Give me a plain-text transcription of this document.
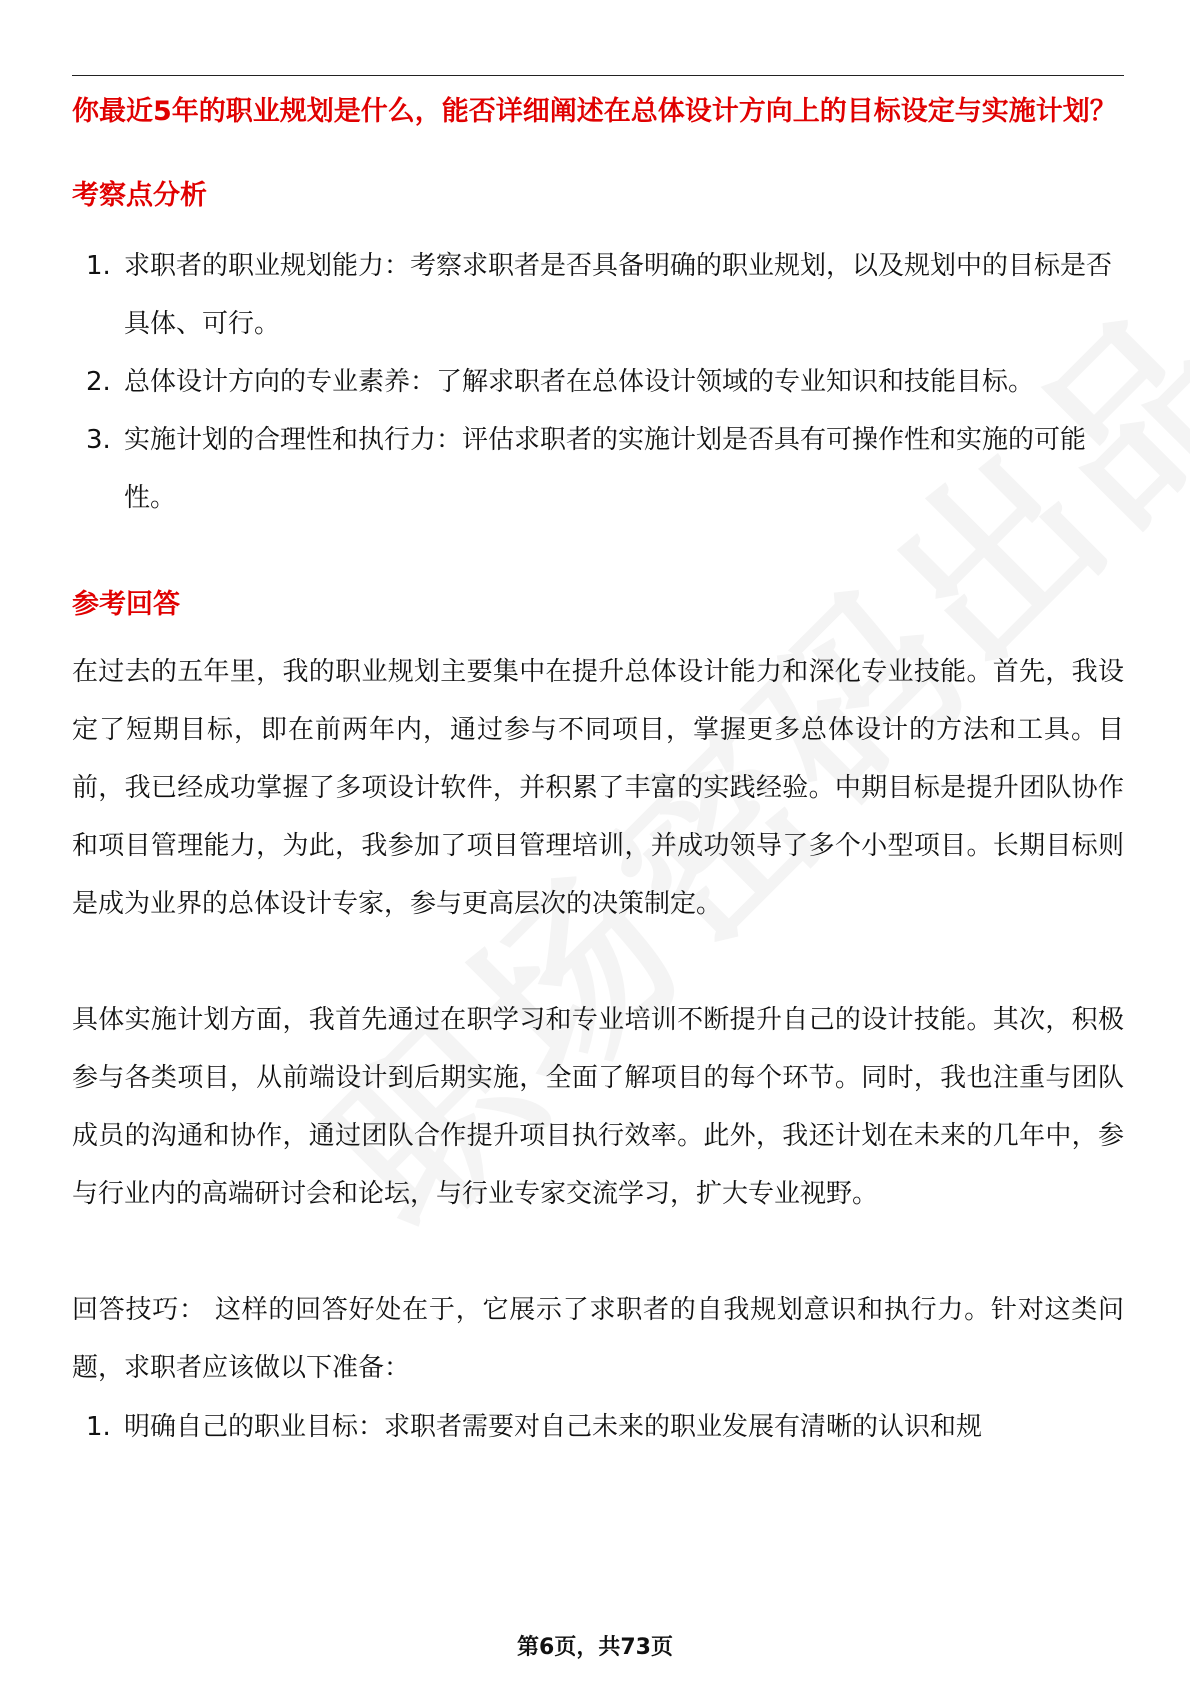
你最近5年的职业规划是什么，能否详细阐述在总体设计方向上的目标设定与实施计划？

考察点分析

1. 求职者的职业规划能力：考察求职者是否具备明确的职业规划，以及规划中的目标是否具体、可行。
2. 总体设计方向的专业素养：了解求职者在总体设计领域的专业知识和技能目标。
3. 实施计划的合理性和执行力：评估求职者的实施计划是否具有可操作性和实施的可能性。

参考回答

在过去的五年里，我的职业规划主要集中在提升总体设计能力和深化专业技能。首先，我设定了短期目标，即在前两年内，通过参与不同项目，掌握更多总体设计的方法和工具。目前，我已经成功掌握了多项设计软件，并积累了丰富的实践经验。中期目标是提升团队协作和项目管理能力，为此，我参加了项目管理培训，并成功领导了多个小型项目。长期目标则是成为业界的总体设计专家，参与更高层次的决策制定。

具体实施计划方面，我首先通过在职学习和专业培训不断提升自己的设计技能。其次，积极参与各类项目，从前端设计到后期实施，全面了解项目的每个环节。同时，我也注重与团队成员的沟通和协作，通过团队合作提升项目执行效率。此外，我还计划在未来的几年中，参与行业内的高端研讨会和论坛，与行业专家交流学习，扩大专业视野。

回答技巧： 这样的回答好处在于，它展示了求职者的自我规划意识和执行力。针对这类问题，求职者应该做以下准备：

1. 明确自己的职业目标：求职者需要对自己未来的职业发展有清晰的认识和规
第6页，共73页
